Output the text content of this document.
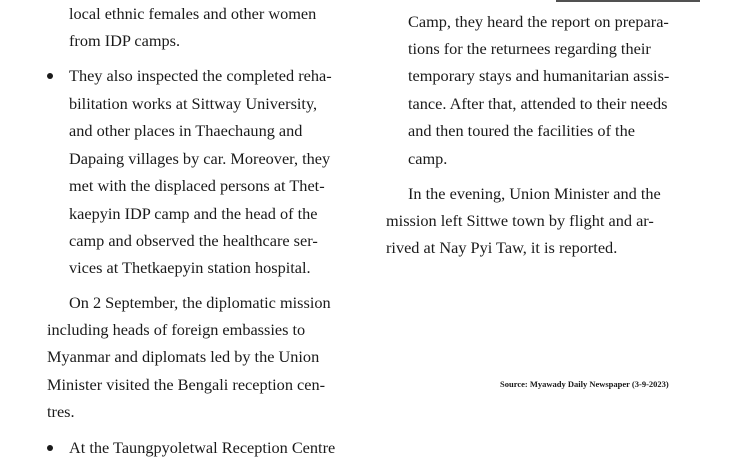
local ethnic females and other women
from IDP camps.
They also inspected the completed reha-
bilitation works at Sittway University,
and other places in Thaechaung and
Dapaing villages by car. Moreover, they
met with the displaced persons at Thet-
kaepyin IDP camp and the head of the
camp and observed the healthcare ser-
vices at Thetkaepyin station hospital.
On 2 September, the diplomatic mission
including heads of foreign embassies to
Myanmar and diplomats led by the Union
Minister visited the Bengali reception cen-
tres.
At the Taungpyoletwal Reception Centre
Camp, they heard the report on prepara-
tions for the returnees regarding their
temporary stays and humanitarian assis-
tance. After that, attended to their needs
and then toured the facilities of the
camp.
In the evening, Union Minister and the
mission left Sittwe town by flight and ar-
rived at Nay Pyi Taw, it is reported.
Source: Myawady Daily Newspaper (3-9-2023)
